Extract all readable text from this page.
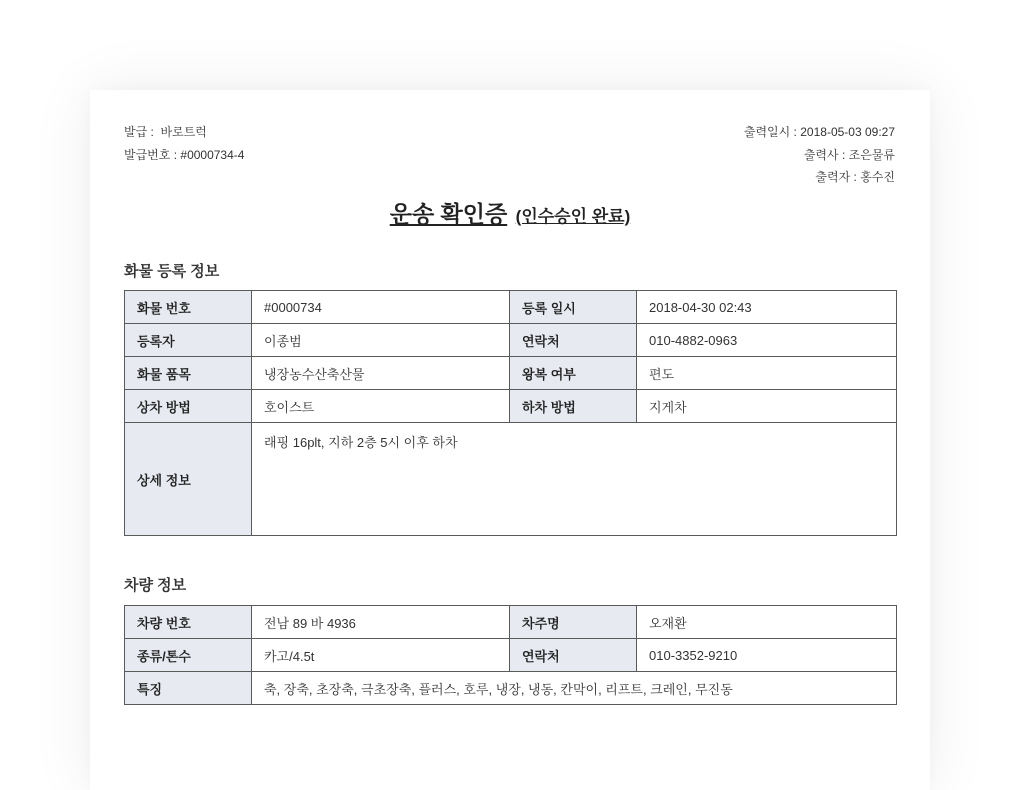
발급 : 바로트럭
발급번호 : #0000734-4
출력일시 : 2018-05-03 09:27
출력사 : 조은물류
출력자 : 홍수진
운송 확인증 (인수승인 완료)
화물 등록 정보
화물 번호	#0000734	등록 일시	2018-04-30 02:43
등록자	이종범	연락처	010-4882-0963
화물 품목	냉장농수산축산물	왕복 여부	편도
상차 방법	호이스트	하차 방법	지게차
상세 정보	래핑 16plt, 지하 2층 5시 이후 하차		
차량 정보
차량 번호	전남 89 바 4936	차주명	오재환
종류/톤수	카고/4.5t	연락처	010-3352-9210
특징	축, 장축, 초장축, 극초장축, 플러스, 호루, 냉장, 냉동, 칸막이, 리프트, 크레인, 무진동		
